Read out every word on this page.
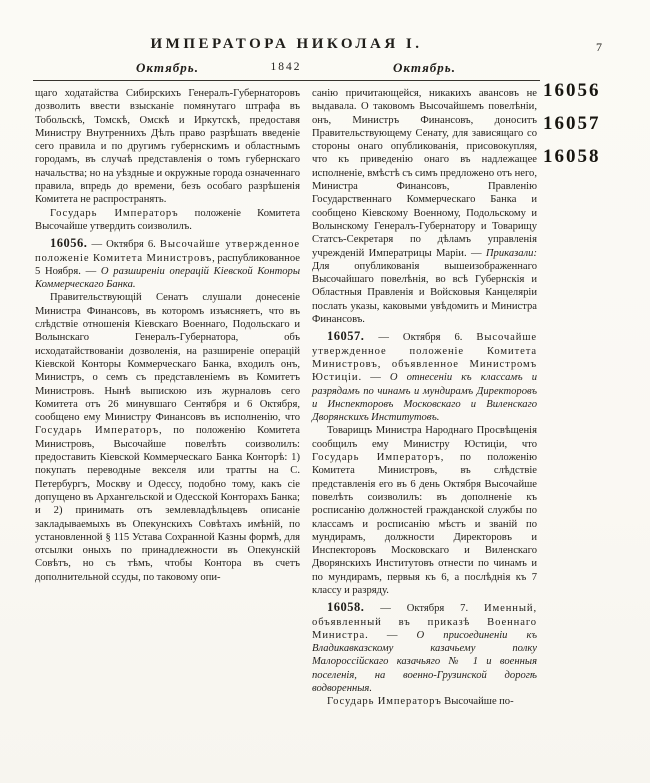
ИМПЕРАТОРА НИКОЛАЯ I.	7
Октябрь.	Октябрь.
1842
16056
16057
16058

щаго ходатайства Сибирскихъ Генералъ-Губернаторовъ дозволить ввести взысканіе помянутаго штрафа въ Тобольскѣ, Томскѣ, Омскѣ и Иркутскѣ, предоставя Министру Внутреннихъ Дѣлъ право разрѣшать введеніе сего правила и по другимъ губернскимъ и областнымъ городамъ, въ случаѣ представленія о томъ губернскаго начальства; но на уѣздные и окружные города означеннаго правила, впредь до времени, безъ особаго разрѣшенія Комитета не распространять.

Государь Императоръ положеніе Комитета Высочайше утвердить соизволилъ.

16056. — Октября 6. Высочайше утвержденное положеніе Комитета Министровъ, распубликованное 5 Ноября. — О разширеніи операцій Кіевской Конторы Коммерческаго Банка.

Правительствующій Сенатъ слушали донесеніе Министра Финансовъ, въ которомъ изъясняетъ, что въ слѣдствіе отношенія Кіевскаго Военнаго, Подольскаго и Волынскаго Генералъ-Губернатора, объ исходатайствованіи дозволенія, на разширеніе операцій Кіевской Конторы Коммерческаго Банка, входилъ онъ, Министръ, о семъ съ представленіемъ въ Комитетъ Министровъ. Нынѣ выпискою изъ журналовъ сего Комитета отъ 26 минувшаго Сентября и 6 Октября, сообщено ему Министру Финансовъ въ исполненію, что Государь Императоръ, по положенію Комитета Министровъ, Высочайше повелѣть соизволилъ: предоставить Кіевской Коммерческаго Банка Конторѣ: 1) покупать переводные векселя или тратты на С. Петербургъ, Москву и Одессу, подобно тому, какъ сіе допущено въ Архангельской и Одесской Конторахъ Банка; и 2) принимать отъ землевладѣльцевъ описаніе закладываемыхъ въ Опекунскихъ Совѣтахъ имѣній, по установленной § 115 Устава Сохранной Казны формѣ, для отсылки оныхъ по принадлежности въ Опекунскій Совѣтъ, но съ тѣмъ, чтобы Контора въ счетъ дополнительной ссуды, по таковому опи-

санію причитающейся, никакихъ авансовъ не выдавала. О таковомъ Высочайшемъ повелѣніи, онъ, Министръ Финансовъ, доноситъ Правительствующему Сенату, для зависящаго со стороны онаго опубликованія, присовокупляя, что къ приведенію онаго въ надлежащее исполненіе, вмѣстѣ съ симъ предложено отъ него, Министра Финансовъ, Правленію Государственнаго Коммерческаго Банка и сообщено Кіевскому Военному, Подольскому и Волынскому Генералъ-Губернатору и Товарищу Статсъ-Секретаря по дѣламъ управленія учрежденій Императрицы Маріи. — Приказали: Для опубликованія вышеизображеннаго Высочайшаго повелѣнія, во всѣ Губернскія и Областныя Правленія и Войсковыя Канцеляріи послать указы, каковыми увѣдомить и Министра Финансовъ.

16057. — Октября 6. Высочайше утвержденное положеніе Комитета Министровъ, объявленное Министромъ Юстиціи. — О отнесеніи къ классамъ и разрядамъ по чинамъ и мундирамъ Директоровъ и Инспекторовъ Московскаго и Виленскаго Дворянскихъ Институтовъ.

Товарищъ Министра Народнаго Просвѣщенія сообщилъ ему Министру Юстиціи, что Государь Императоръ, по положенію Комитета Министровъ, въ слѣдствіе представленія его въ 6 день Октября Высочайше повелѣть соизволилъ: въ дополненіе къ росписанію должностей гражданской службы по классамъ и росписанію мѣстъ и званій по мундирамъ, должности Директоровъ и Инспекторовъ Московскаго и Виленскаго Дворянскихъ Институтовъ отнести по чинамъ и по мундирамъ, первыя къ 6, а послѣднія къ 7 классу и разряду.

16058. — Октября 7. Именный, объявленный въ приказѣ Военнаго Министра. — О присоединеніи къ Владикавказскому казачьему полку Малороссійскаго казачьяго № 1 и военныя поселенія, на военно-Грузинской дорогѣ водворенныя.

Государь Императоръ Высочайше по-
